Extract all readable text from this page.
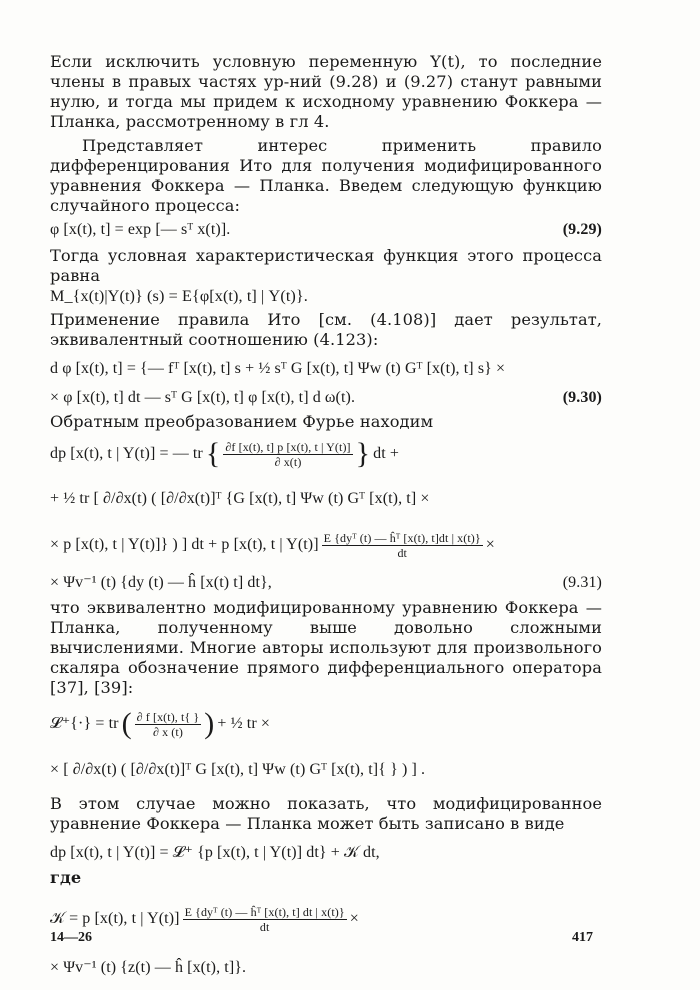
Если исключить условную переменную Y(t), то последние члены в правых частях ур-ний (9.28) и (9.27) станут равными нулю, и тогда мы придем к исходному уравнению Фоккера — Планка, рассмотренному в гл 4.

Представляет интерес применить правило дифференцирования Ито для получения модифицированного уравнения Фоккера — Планка. Введем следующую функцию случайного процесса:

φ [x(t), t] = exp [— sᵀ x(t)].	(9.29)

Тогда условная характеристическая функция этого процесса равна

M_{x(t)|Y(t)} (s) = E{φ[x(t), t] | Y(t)}.

Применение правила Ито [см. (4.108)] дает результат, эквивалентный соотношению (4.123):

d φ [x(t), t] = {— fᵀ [x(t), t] s + ½ sᵀ G [x(t), t] Ψw (t) Gᵀ [x(t), t] s} ×
× φ [x(t), t] dt — sᵀ G [x(t), t] φ [x(t), t] d ω(t).	(9.30)

Обратным преобразованием Фурье находим

dp [x(t), t | Y(t)] = — tr { $\frac{\partial f [x(t), t] p [x(t), t | Y(t)]}{\partial x(t)}$ } dt +
+ ½ tr [ ∂/∂x(t) ( [∂/∂x(t)]ᵀ {G [x(t), t] Ψw (t) Gᵀ [x(t), t] ×
× p [x(t), t | Y(t)]} ) ] dt + p [x(t), t | $Y(t)] \frac{\text{E \{dyᵀ (t) — ĥᵀ [x(t), t]dt | x(t)\}}}{dt}$ ×
× Ψv⁻¹ (t) {dy (t) — ĥ [x(t) t] dt},	(9.31)

что эквивалентно модифицированному уравнению Фоккера — Планка, полученному выше довольно сложными вычислениями. Многие авторы используют для произвольного скаляра обозначение прямого дифференциального оператора [37], [39]:

𝓛⁺{·} = tr ( $\frac{\partial f [x(t), t\{ \}}{\partial x (t)}$ ) + ½ tr ×
× [ ∂/∂x(t) ( [∂/∂x(t)]ᵀ G [x(t), t] Ψw (t) Gᵀ [x(t), t]{ } ) ] .

В этом случае можно показать, что модифицированное уравнение Фоккера — Планка может быть записано в виде

dp [x(t), t | Y(t)] = 𝓛⁺ {p [x(t), t | Y(t)] dt} + 𝒦 dt,

где

𝒦 = p [x(t), t | $Y(t)] \frac{\text{E \{dyᵀ (t) — ĥᵀ [x(t), t] dt | x(t)\}}}{dt}$ ×
× Ψv⁻¹ (t) {z(t) — ĥ [x(t), t]}.
14—26	417
